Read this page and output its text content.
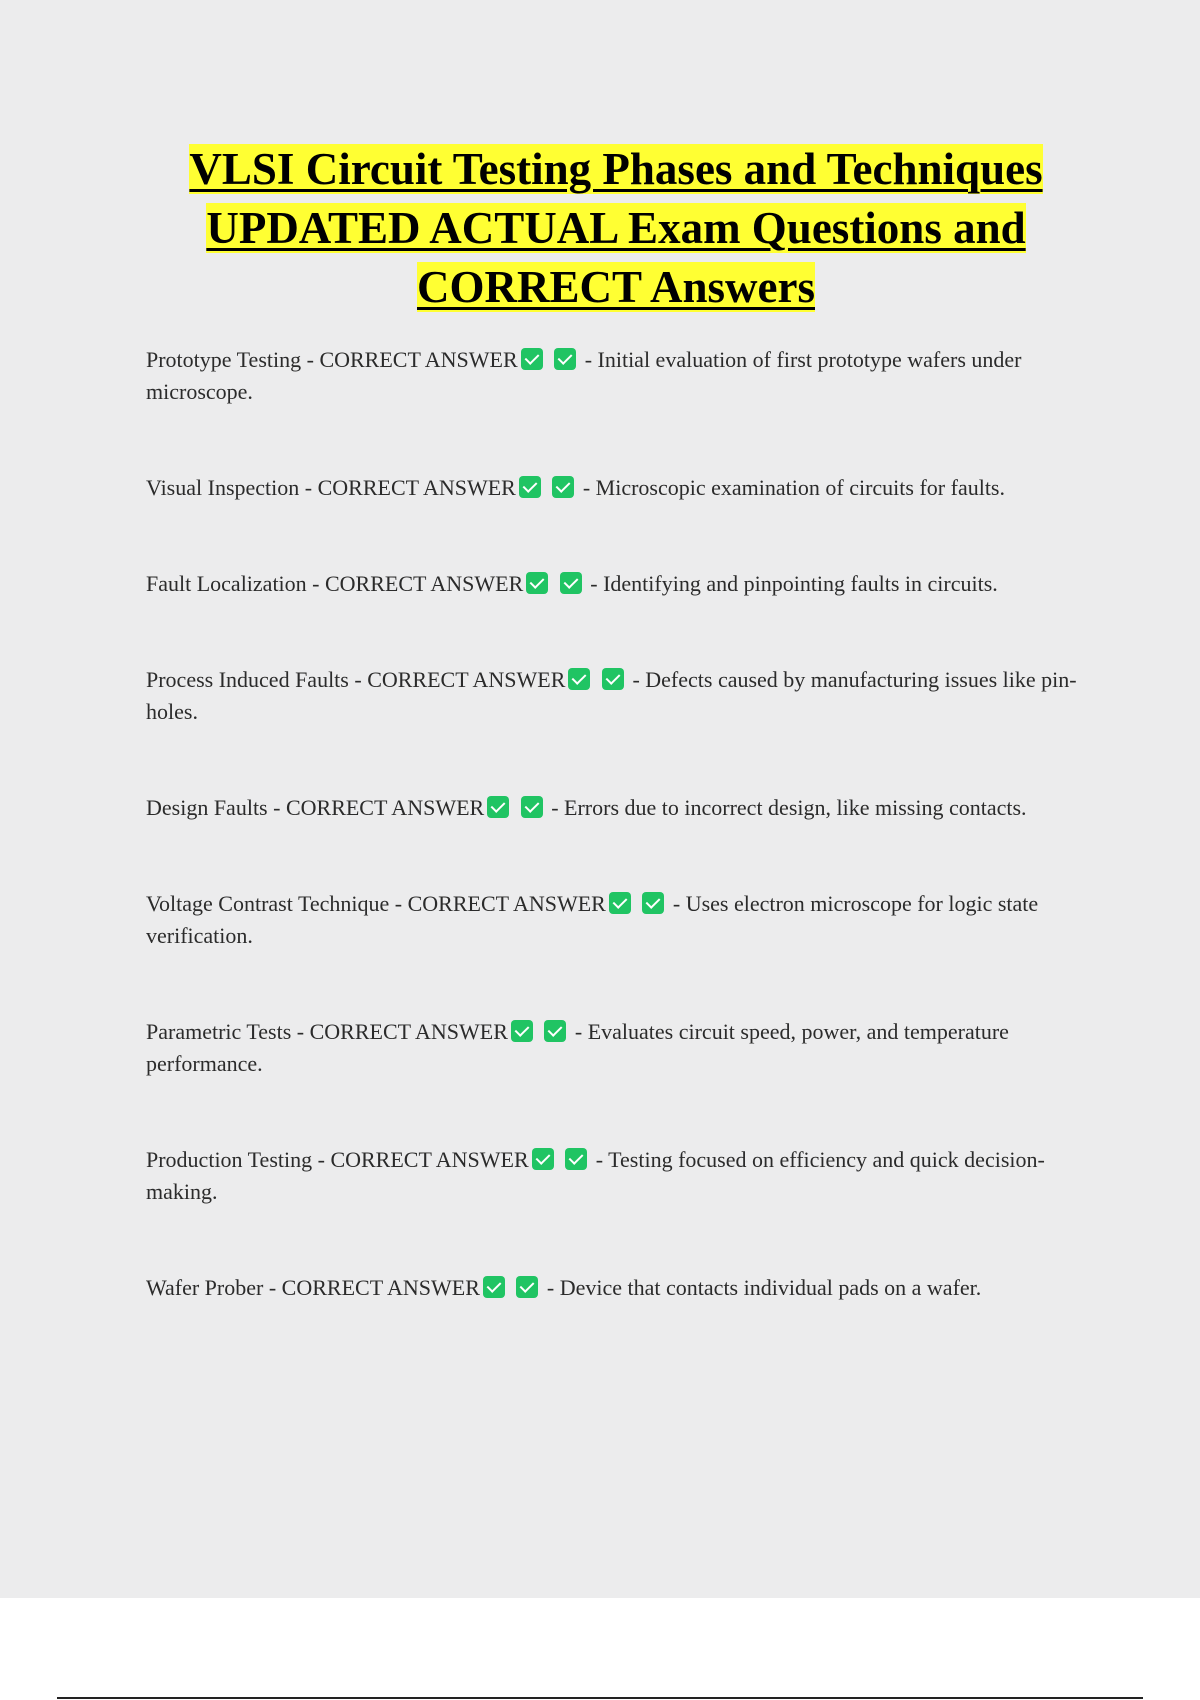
VLSI Circuit Testing Phases and Techniques
UPDATED ACTUAL Exam Questions and
CORRECT Answers

Prototype Testing - CORRECT ANSWER	- Initial evaluation of first prototype wafers under microscope.

Visual Inspection - CORRECT ANSWER	- Microscopic examination of circuits for faults.

Fault Localization - CORRECT ANSWER	- Identifying and pinpointing faults in circuits.

Process Induced Faults - CORRECT ANSWER	- Defects caused by manufacturing issues like pin-holes.

Design Faults - CORRECT ANSWER	- Errors due to incorrect design, like missing contacts.

Voltage Contrast Technique - CORRECT ANSWER	- Uses electron microscope for logic state verification.

Parametric Tests - CORRECT ANSWER	- Evaluates circuit speed, power, and temperature performance.

Production Testing - CORRECT ANSWER	- Testing focused on efficiency and quick decision-making.

Wafer Prober - CORRECT ANSWER	- Device that contacts individual pads on a wafer.
